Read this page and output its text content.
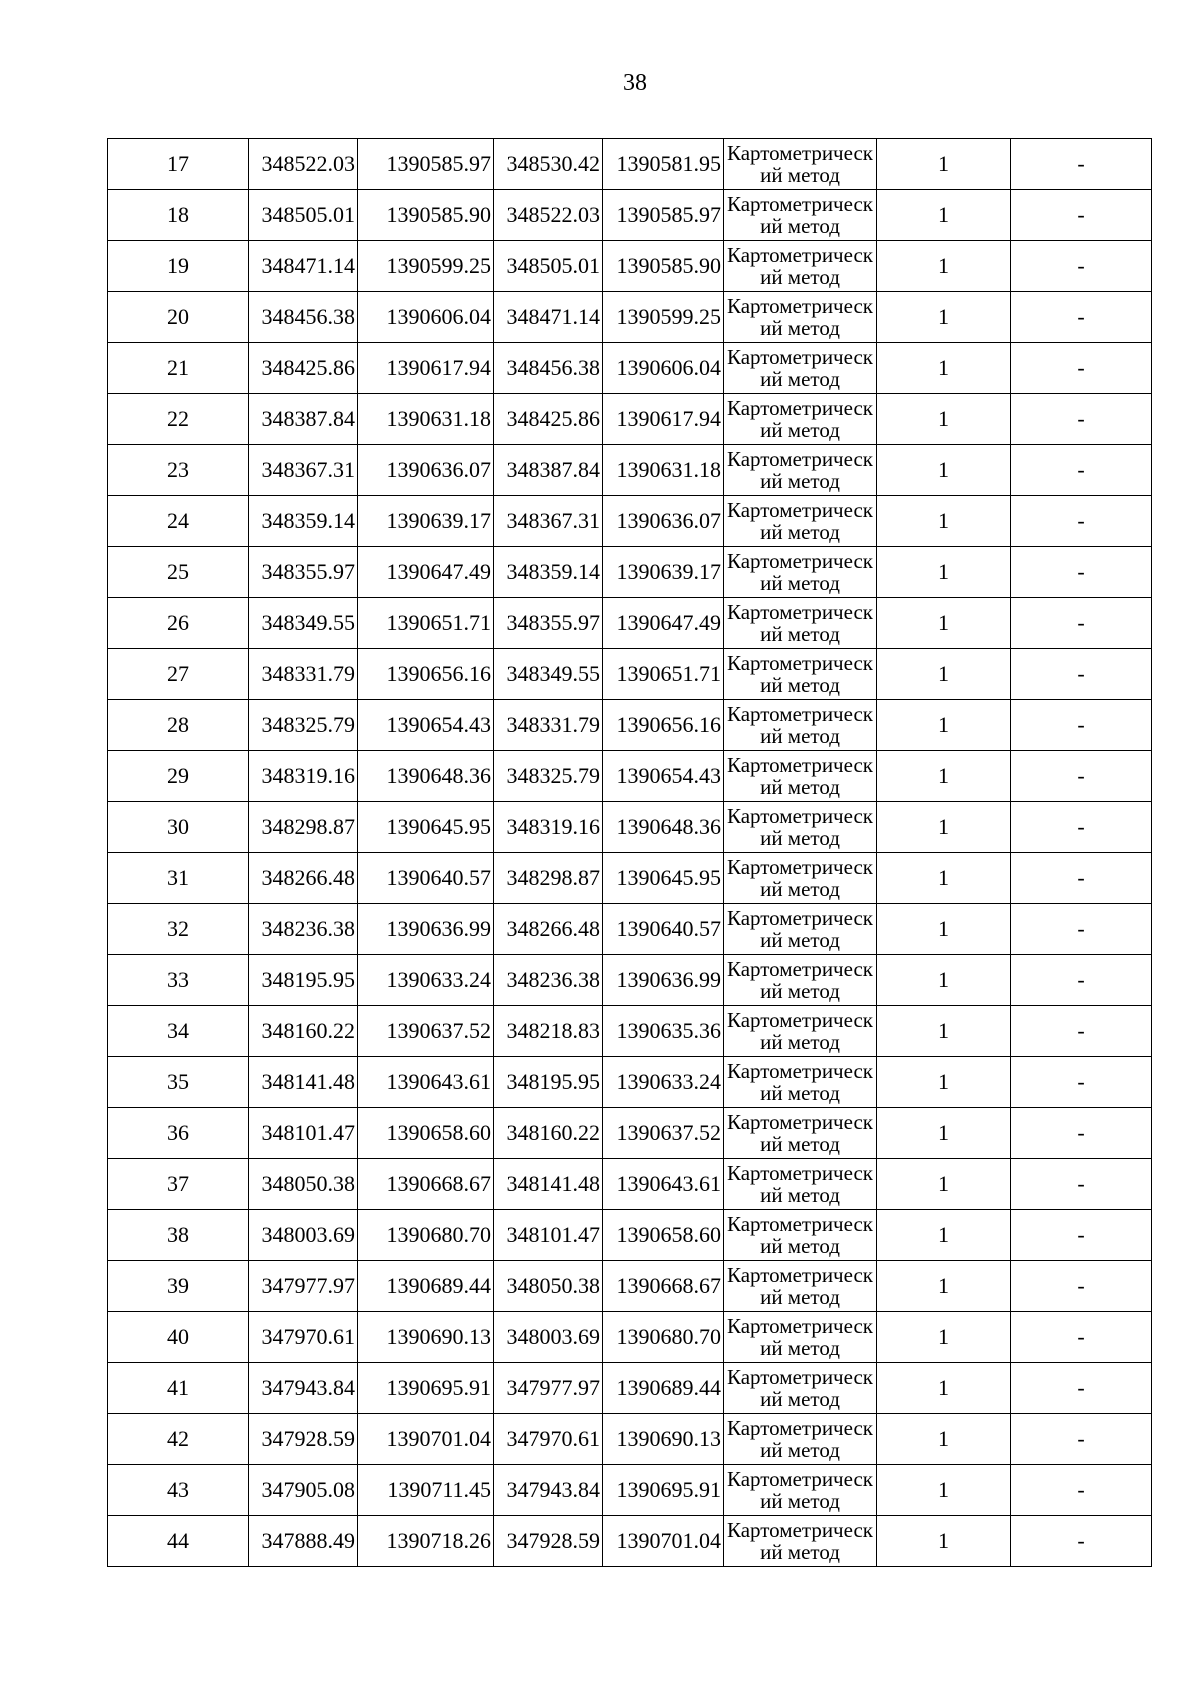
38
17	348522.03	1390585.97	348530.42	1390581.95	Картометрический метод	1	-
18	348505.01	1390585.90	348522.03	1390585.97	Картометрический метод	1	-
19	348471.14	1390599.25	348505.01	1390585.90	Картометрический метод	1	-
20	348456.38	1390606.04	348471.14	1390599.25	Картометрический метод	1	-
21	348425.86	1390617.94	348456.38	1390606.04	Картометрический метод	1	-
22	348387.84	1390631.18	348425.86	1390617.94	Картометрический метод	1	-
23	348367.31	1390636.07	348387.84	1390631.18	Картометрический метод	1	-
24	348359.14	1390639.17	348367.31	1390636.07	Картометрический метод	1	-
25	348355.97	1390647.49	348359.14	1390639.17	Картометрический метод	1	-
26	348349.55	1390651.71	348355.97	1390647.49	Картометрический метод	1	-
27	348331.79	1390656.16	348349.55	1390651.71	Картометрический метод	1	-
28	348325.79	1390654.43	348331.79	1390656.16	Картометрический метод	1	-
29	348319.16	1390648.36	348325.79	1390654.43	Картометрический метод	1	-
30	348298.87	1390645.95	348319.16	1390648.36	Картометрический метод	1	-
31	348266.48	1390640.57	348298.87	1390645.95	Картометрический метод	1	-
32	348236.38	1390636.99	348266.48	1390640.57	Картометрический метод	1	-
33	348195.95	1390633.24	348236.38	1390636.99	Картометрический метод	1	-
34	348160.22	1390637.52	348218.83	1390635.36	Картометрический метод	1	-
35	348141.48	1390643.61	348195.95	1390633.24	Картометрический метод	1	-
36	348101.47	1390658.60	348160.22	1390637.52	Картометрический метод	1	-
37	348050.38	1390668.67	348141.48	1390643.61	Картометрический метод	1	-
38	348003.69	1390680.70	348101.47	1390658.60	Картометрический метод	1	-
39	347977.97	1390689.44	348050.38	1390668.67	Картометрический метод	1	-
40	347970.61	1390690.13	348003.69	1390680.70	Картометрический метод	1	-
41	347943.84	1390695.91	347977.97	1390689.44	Картометрический метод	1	-
42	347928.59	1390701.04	347970.61	1390690.13	Картометрический метод	1	-
43	347905.08	1390711.45	347943.84	1390695.91	Картометрический метод	1	-
44	347888.49	1390718.26	347928.59	1390701.04	Картометрический метод	1	-
